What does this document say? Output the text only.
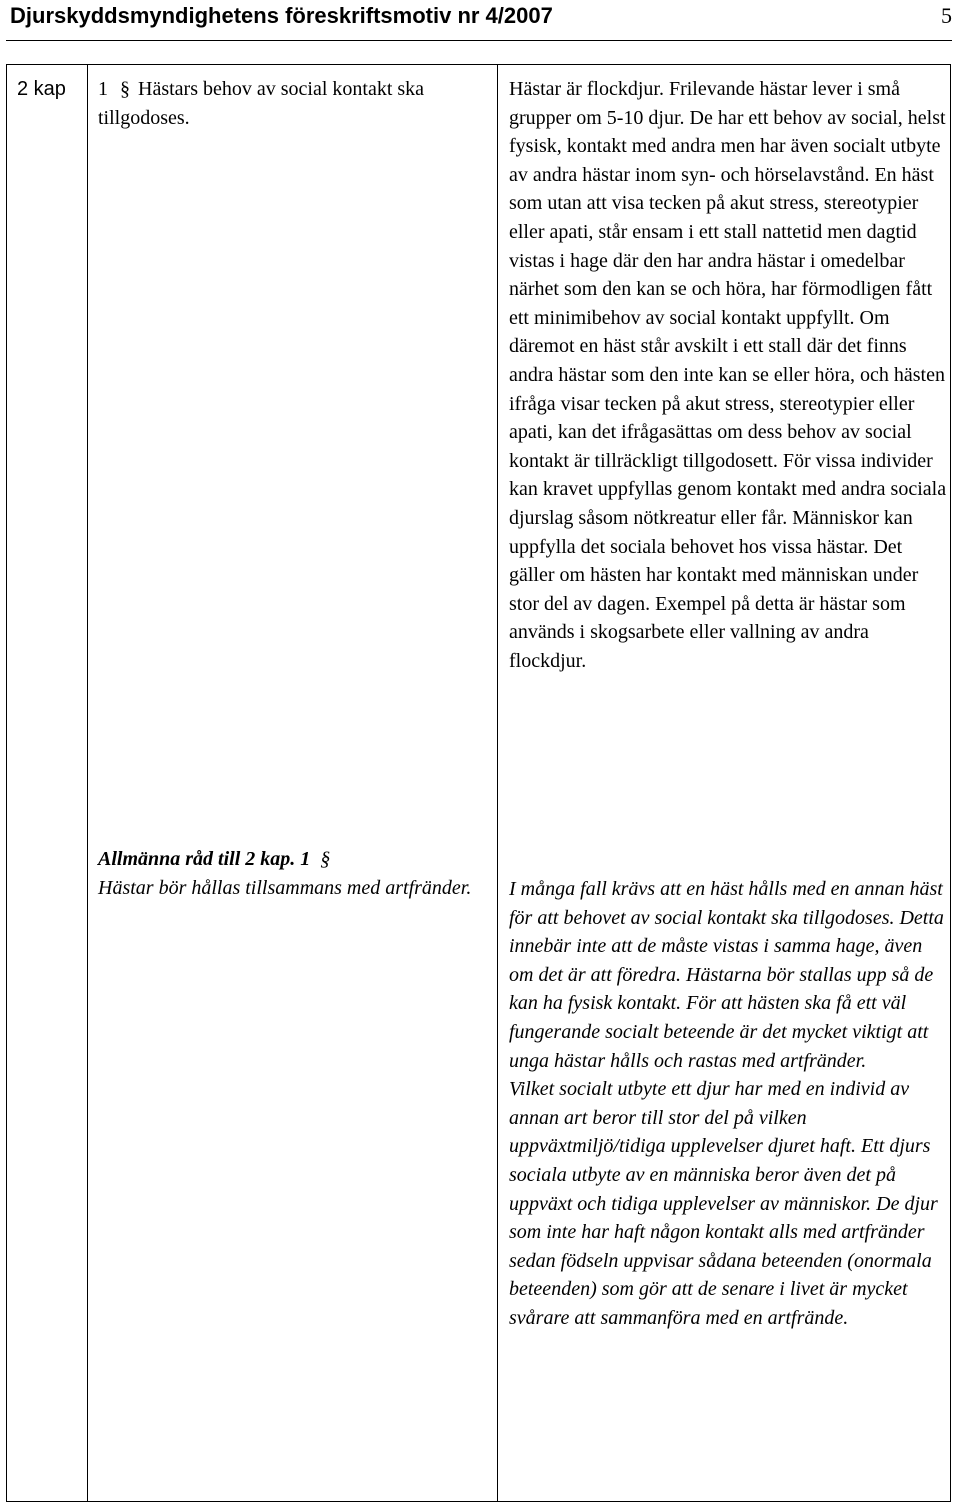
Djurskyddsmyndighetens föreskriftsmotiv nr 4/2007	5
2 kap 1 § Hästars behov av social kontakt ska tillgodoses.
Allmänna råd till 2 kap. 1 §
Hästar bör hållas tillsammans med artfränder.
Hästar är flockdjur. Frilevande hästar lever i små grupper om 5-10 djur. De har ett behov av social, helst fysisk, kontakt med andra men har även socialt utbyte av andra hästar inom syn- och hörselavstånd. En häst som utan att visa tecken på akut stress, stereotypier eller apati, står ensam i ett stall nattetid men dagtid vistas i hage där den har andra hästar i omedelbar närhet som den kan se och höra, har förmodligen fått ett minimibehov av social kontakt uppfyllt. Om däremot en häst står avskilt i ett stall där det finns andra hästar som den inte kan se eller höra, och hästen ifråga visar tecken på akut stress, stereotypier eller apati, kan det ifrågasättas om dess behov av social kontakt är tillräckligt tillgodosett. För vissa individer kan kravet uppfyllas genom kontakt med andra sociala djurslag såsom nötkreatur eller får. Människor kan uppfylla det sociala behovet hos vissa hästar. Det gäller om hästen har kontakt med människan under stor del av dagen. Exempel på detta är hästar som används i skogsarbete eller vallning av andra flockdjur.

I många fall krävs att en häst hålls med en annan häst för att behovet av social kontakt ska tillgodoses. Detta innebär inte att de måste vistas i samma hage, även om det är att föredra. Hästarna bör stallas upp så de kan ha fysisk kontakt. För att hästen ska få ett väl fungerande socialt beteende är det mycket viktigt att unga hästar hålls och rastas med artfränder.

Vilket socialt utbyte ett djur har med en individ av annan art beror till stor del på vilken uppväxtmiljö/tidiga upplevelser djuret haft. Ett djurs sociala utbyte av en människa beror även det på uppväxt och tidiga upplevelser av människor. De djur som inte har haft någon kontakt alls med artfränder sedan födseln uppvisar sådana beteenden (onormala beteenden) som gör att de senare i livet är mycket svårare att sammanföra med en artfrände.
